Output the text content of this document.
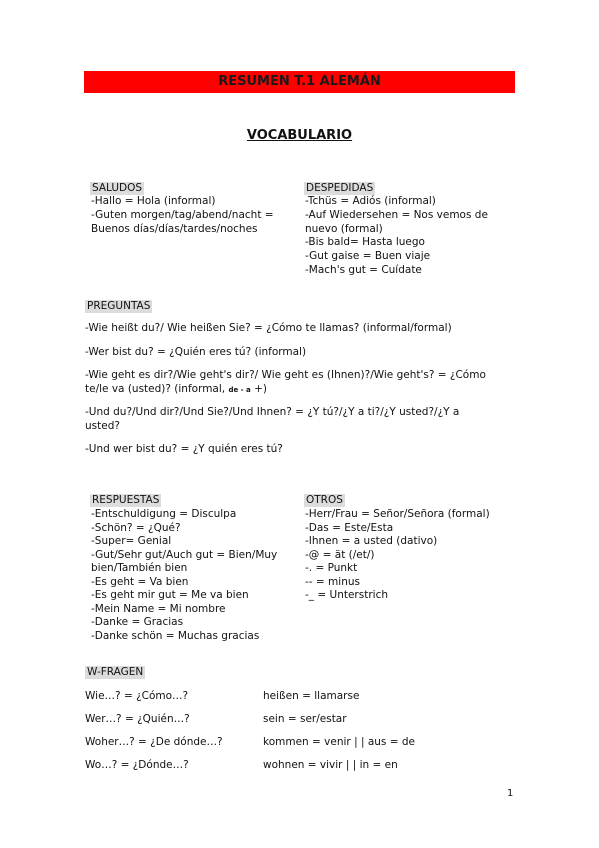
RESUMEN T.1 ALEMÁN
VOCABULARIO
SALUDOS
-Hallo = Hola (informal)
-Guten morgen/tag/abend/nacht =
Buenos días/días/tardes/noches
DESPEDIDAS
-Tchüs = Adiós (informal)
-Auf Wiedersehen = Nos vemos de
nuevo (formal)
-Bis bald= Hasta luego
-Gut gaise = Buen viaje
-Mach's gut = Cuídate
PREGUNTAS
-Wie heißt du?/ Wie heißen Sie? = ¿Cómo te llamas? (informal/formal)
-Wer bist du? = ¿Quién eres tú? (informal)
-Wie geht es dir?/Wie geht's dir?/ Wie geht es (Ihnen)?/Wie geht's? = ¿Cómo
te/le va (usted)? (informal, de - a +)
-Und du?/Und dir?/Und Sie?/Und Ihnen? = ¿Y tú?/¿Y a ti?/¿Y usted?/¿Y a
usted?
-Und wer bist du? = ¿Y quién eres tú?
RESPUESTAS
-Entschuldigung = Disculpa
-Schön? = ¿Qué?
-Super= Genial
-Gut/Sehr gut/Auch gut = Bien/Muy
bien/También bien
-Es geht = Va bien
-Es geht mir gut = Me va bien
-Mein Name = Mi nombre
-Danke = Gracias
-Danke schön = Muchas gracias
OTROS
-Herr/Frau = Señor/Señora (formal)
-Das = Este/Esta
-Ihnen = a usted (dativo)
-@ = ät (/et/)
-. = Punkt
-- = minus
-_ = Unterstrich
W-FRAGEN
Wie…? = ¿Cómo…?	heißen = llamarse
Wer…? = ¿Quién…?	sein = ser/estar
Woher…? = ¿De dónde…?	kommen = venir | | aus = de
Wo…? = ¿Dónde…?	wohnen = vivir | | in = en
1
